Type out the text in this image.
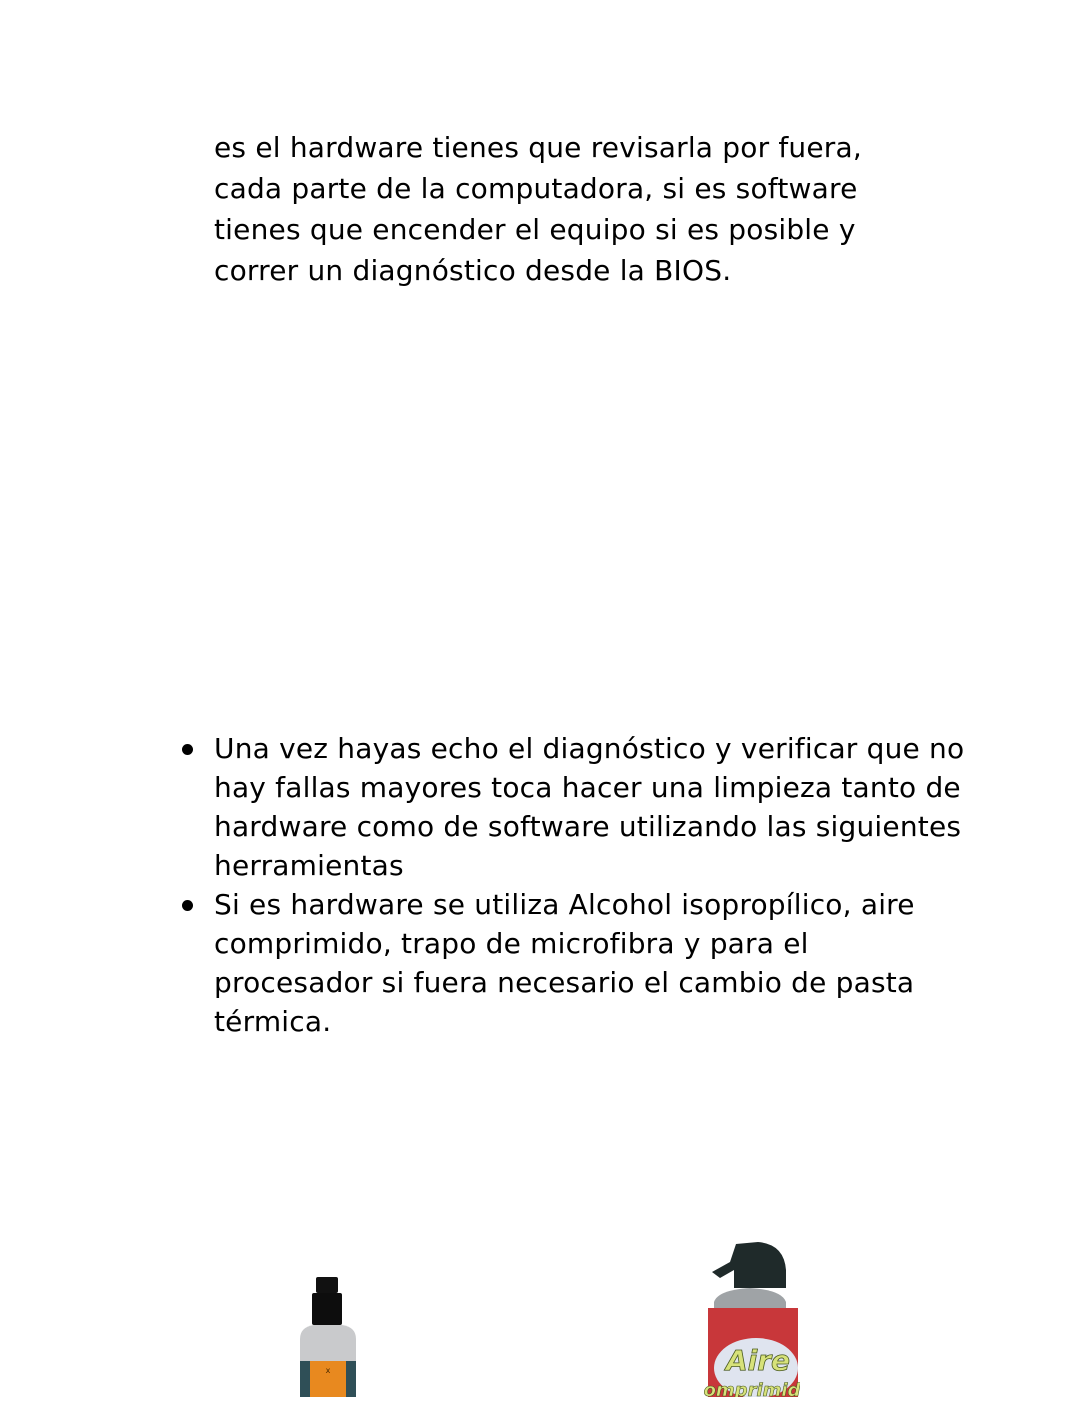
es el hardware tienes que revisarla por fuera,
cada parte de la computadora, si es software
tienes que encender el equipo si es posible y
correr un diagnóstico desde la BIOS.
Una vez hayas echo el diagnóstico y verificar que no
hay fallas mayores toca hacer una limpieza tanto de
hardware como de software utilizando las siguientes
herramientas
Si es hardware se utiliza Alcohol isopropílico, aire
comprimido, trapo de microfibra y para el
procesador si fuera necesario el cambio de pasta
térmica.
x	Aire
omprimid
